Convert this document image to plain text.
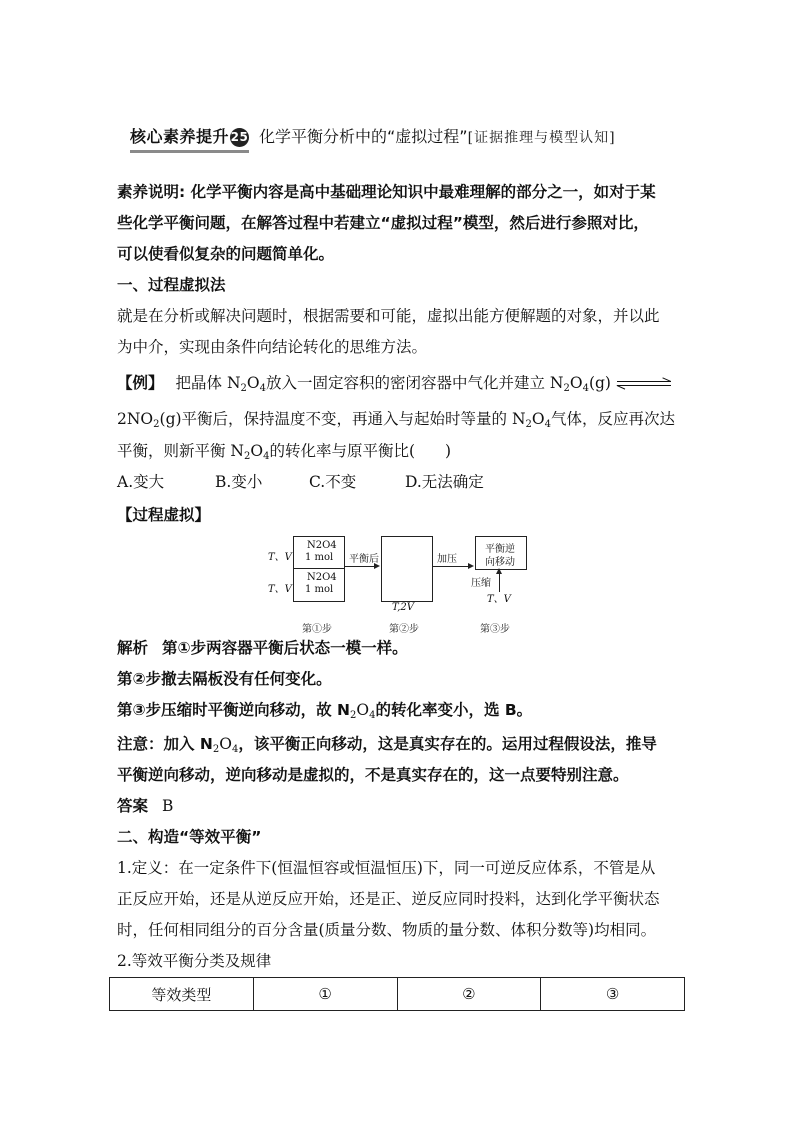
核心素养提升 25 化学平衡分析中的“虚拟过程”[证据推理与模型认知]
素养说明: 化学平衡内容是高中基础理论知识中最难理解的部分之一，如对于某
些化学平衡问题，在解答过程中若建立“虚拟过程”模型，然后进行参照对比，
可以使看似复杂的问题简单化。
一、过程虚拟法
就是在分析或解决问题时，根据需要和可能，虚拟出能方便解题的对象，并以此
为中介，实现由条件向结论转化的思维方法。
【例】 把晶体 $N_2O_4$放入一固定容积的密闭容器中气化并建立 $N_2O_4(g)$ ⇌
$2NO_2(g)$平衡后，保持温度不变，再通入与起始时等量的 $N_2O_4$气体，反应再次达
平衡，则新平衡 $N_2O_4$的转化率与原平衡比( )
A.变大	B.变小	C.不变	D.无法确定
【过程虚拟】
T、V
T、V
N2O4
1 mol
N2O4
1 mol
平衡后
T,2V
加压
平衡逆
向移动
压缩
T、V
第①步	第②步	第③步
解析 第①步两容器平衡后状态一模一样。
第②步撤去隔板没有任何变化。
第③步压缩时平衡逆向移动，故 $N_2O_4$的转化率变小，选 B。
注意：加入 $N_2O_4$，该平衡正向移动，这是真实存在的。运用过程假设法，推导
平衡逆向移动，逆向移动是虚拟的，不是真实存在的，这一点要特别注意。
答案 B
二、构造“等效平衡”
1.定义：在一定条件下(恒温恒容或恒温恒压)下，同一可逆反应体系，不管是从
正反应开始，还是从逆反应开始，还是正、逆反应同时投料，达到化学平衡状态
时，任何相同组分的百分含量(质量分数、物质的量分数、体积分数等)均相同。
2.等效平衡分类及规律
等效类型	①	②	③
